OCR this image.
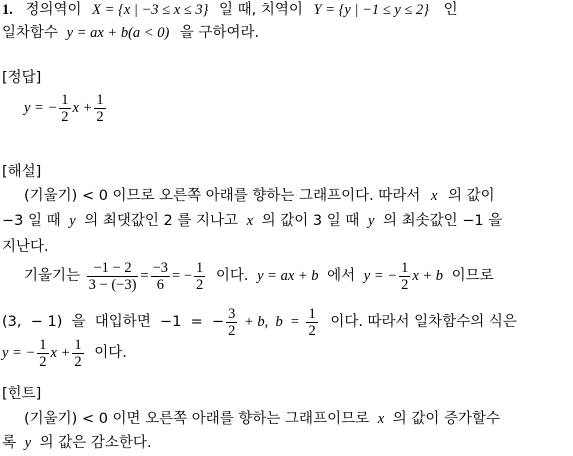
1. 정의역이 X = {x | −3 ≤ x ≤ 3} 일 때, 치역이 Y = {y | −1 ≤ y ≤ 2} 인
일차함수 y = ax + b(a < 0) 을 구하여라.
[정답]
y = − $\frac{1}{2}$ $x + \frac{1}{2}$
[해설]
(기울기) < 0 이므로 오른쪽 아래를 향하는 그래프이다. 따라서 x 의 값이
−3 일 때 y 의 최댓값인 2 를 지나고 x 의 값이 3 일 때 y 의 최솟값인 −1 을
지난다.
기울기는 $\frac{-1 - 2}{3 - (-3)} = \frac{-3}{6}$ = − $\frac{1}{2}$ 이다. y = ax + b 에서 y = − $\frac{1}{2}$ x + b 이므로
(3,  − 1)  을  대입하면  −1  =  − $\frac{3}{2} + b$,  $b = \frac{1}{2}$ 이다. 따라서 일차함수의 식은
y = − $\frac{1}{2}$ $x + \frac{1}{2}$ 이다.
[힌트]
(기울기) < 0 이면 오른쪽 아래를 향하는 그래프이므로 x 의 값이 증가할수
록 y 의 값은 감소한다.
